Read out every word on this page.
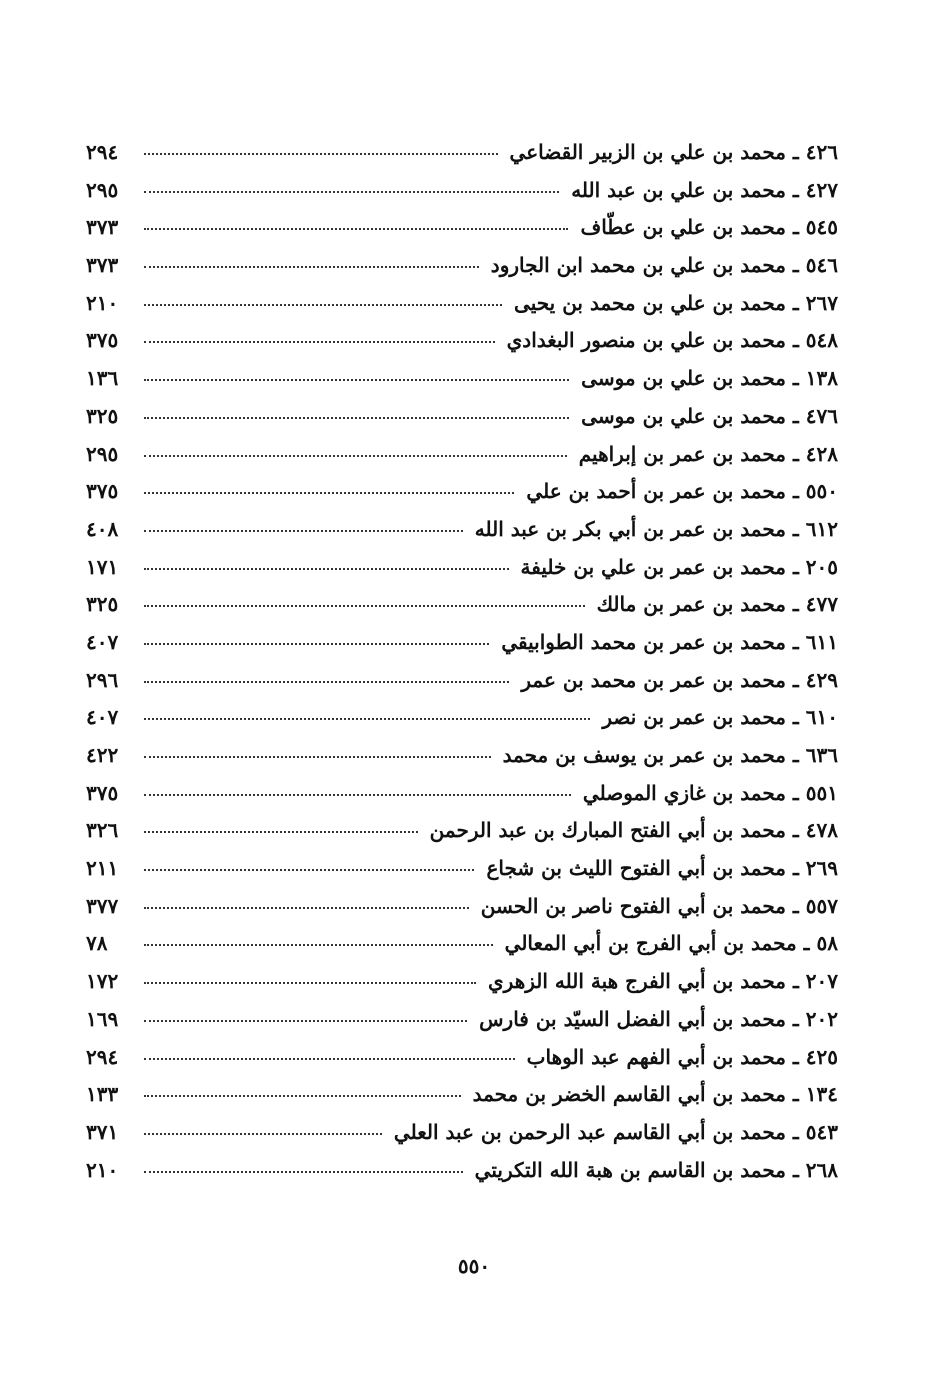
٤٢٦ ـ محمد بن علي بن الزبير القضاعي
٢٩٤
٤٢٧ ـ محمد بن علي بن عبد الله
٢٩٥
٥٤٥ ـ محمد بن علي بن عطّاف
٣٧٣
٥٤٦ ـ محمد بن علي بن محمد ابن الجارود
٣٧٣
٢٦٧ ـ محمد بن علي بن محمد بن يحيى
٢١٠
٥٤٨ ـ محمد بن علي بن منصور البغدادي
٣٧٥
١٣٨ ـ محمد بن علي بن موسى
١٣٦
٤٧٦ ـ محمد بن علي بن موسى
٣٢٥
٤٢٨ ـ محمد بن عمر بن إبراهيم
٢٩٥
٥٥٠ ـ محمد بن عمر بن أحمد بن علي
٣٧٥
٦١٢ ـ محمد بن عمر بن أبي بكر بن عبد الله
٤٠٨
٢٠٥ ـ محمد بن عمر بن علي بن خليفة
١٧١
٤٧٧ ـ محمد بن عمر بن مالك
٣٢٥
٦١١ ـ محمد بن عمر بن محمد الطوابيقي
٤٠٧
٤٢٩ ـ محمد بن عمر بن محمد بن عمر
٢٩٦
٦١٠ ـ محمد بن عمر بن نصر
٤٠٧
٦٣٦ ـ محمد بن عمر بن يوسف بن محمد
٤٢٢
٥٥١ ـ محمد بن غازي الموصلي
٣٧٥
٤٧٨ ـ محمد بن أبي الفتح المبارك بن عبد الرحمن
٣٢٦
٢٦٩ ـ محمد بن أبي الفتوح الليث بن شجاع
٢١١
٥٥٧ ـ محمد بن أبي الفتوح ناصر بن الحسن
٣٧٧
٥٨ ـ محمد بن أبي الفرج بن أبي المعالي
٧٨
٢٠٧ ـ محمد بن أبي الفرج هبة الله الزهري
١٧٢
٢٠٢ ـ محمد بن أبي الفضل السيّد بن فارس
١٦٩
٤٢٥ ـ محمد بن أبي الفهم عبد الوهاب
٢٩٤
١٣٤ ـ محمد بن أبي القاسم الخضر بن محمد
١٣٣
٥٤٣ ـ محمد بن أبي القاسم عبد الرحمن بن عبد العلي
٣٧١
٢٦٨ ـ محمد بن القاسم بن هبة الله التكريتي
٢١٠
٥٥٠
